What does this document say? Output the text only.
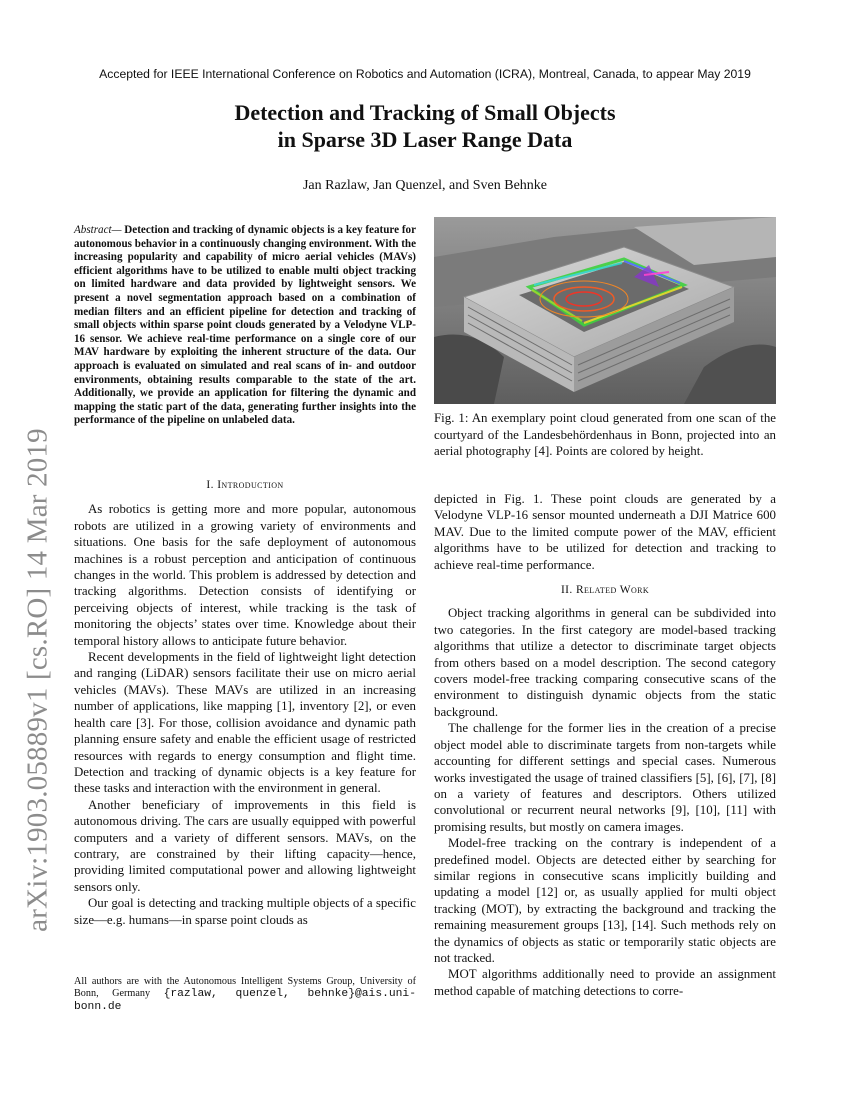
Accepted for IEEE International Conference on Robotics and Automation (ICRA), Montreal, Canada, to appear May 2019
Detection and Tracking of Small Objects
in Sparse 3D Laser Range Data
Jan Razlaw, Jan Quenzel, and Sven Behnke
arXiv:1903.05889v1 [cs.RO] 14 Mar 2019
Abstract— Detection and tracking of dynamic objects is a key feature for autonomous behavior in a continuously changing environment. With the increasing popularity and capability of micro aerial vehicles (MAVs) efficient algorithms have to be utilized to enable multi object tracking on limited hardware and data provided by lightweight sensors. We present a novel segmentation approach based on a combination of median filters and an efficient pipeline for detection and tracking of small objects within sparse point clouds generated by a Velodyne VLP-16 sensor. We achieve real-time performance on a single core of our MAV hardware by exploiting the inherent structure of the data. Our approach is evaluated on simulated and real scans of in- and outdoor environments, obtaining results comparable to the state of the art. Additionally, we provide an application for filtering the dynamic and mapping the static part of the data, generating further insights into the performance of the pipeline on unlabeled data.
I. Introduction

As robotics is getting more and more popular, autonomous robots are utilized in a growing variety of environments and situations. One basis for the safe deployment of autonomous machines is a robust perception and anticipation of continuous changes in the world. This problem is addressed by detection and tracking algorithms. Detection consists of identifying or perceiving objects of interest, while tracking is the task of monitoring the objects’ states over time. Knowledge about their temporal history allows to anticipate future behavior.

Recent developments in the field of lightweight light detection and ranging (LiDAR) sensors facilitate their use on micro aerial vehicles (MAVs). These MAVs are utilized in an increasing number of applications, like mapping [1], inventory [2], or even health care [3]. For those, collision avoidance and dynamic path planning ensure safety and enable the efficient usage of restricted resources with regards to energy consumption and flight time. Detection and tracking of dynamic objects is a key feature for these tasks and interaction with the environment in general.

Another beneficiary of improvements in this field is autonomous driving. The cars are usually equipped with powerful computers and a variety of different sensors. MAVs, on the contrary, are constrained by their lifting capacity—hence, providing limited computational power and allowing lightweight sensors only.

Our goal is detecting and tracking multiple objects of a specific size—e.g. humans—in sparse point clouds as

Fig. 1: An exemplary point cloud generated from one scan of the courtyard of the Landesbehördenhaus in Bonn, projected into an aerial photography [4]. Points are colored by height.

depicted in Fig. 1. These point clouds are generated by a Velodyne VLP-16 sensor mounted underneath a DJI Matrice 600 MAV. Due to the limited compute power of the MAV, efficient algorithms have to be utilized for detection and tracking to achieve real-time performance.

II. Related Work

Object tracking algorithms in general can be subdivided into two categories. In the first category are model-based tracking algorithms that utilize a detector to discriminate target objects from others based on a model description. The second category covers model-free tracking comparing consecutive scans of the environment to distinguish dynamic objects from the static background.

The challenge for the former lies in the creation of a precise object model able to discriminate targets from non-targets while accounting for different settings and special cases. Numerous works investigated the usage of trained classifiers [5], [6], [7], [8] on a variety of features and descriptors. Others utilized convolutional or recurrent neural networks [9], [10], [11] with promising results, but mostly on camera images.

Model-free tracking on the contrary is independent of a predefined model. Objects are detected either by searching for similar regions in consecutive scans implicitly building and updating a model [12] or, as usually applied for multi object tracking (MOT), by extracting the background and tracking the remaining measurement groups [13], [14]. Such methods rely on the dynamics of objects as static or temporarily static objects are not tracked.

MOT algorithms additionally need to provide an assignment method capable of matching detections to corre-

All authors are with the Autonomous Intelligent Systems Group, University of Bonn, Germany {razlaw, quenzel, behnke}@ais.uni-bonn.de
